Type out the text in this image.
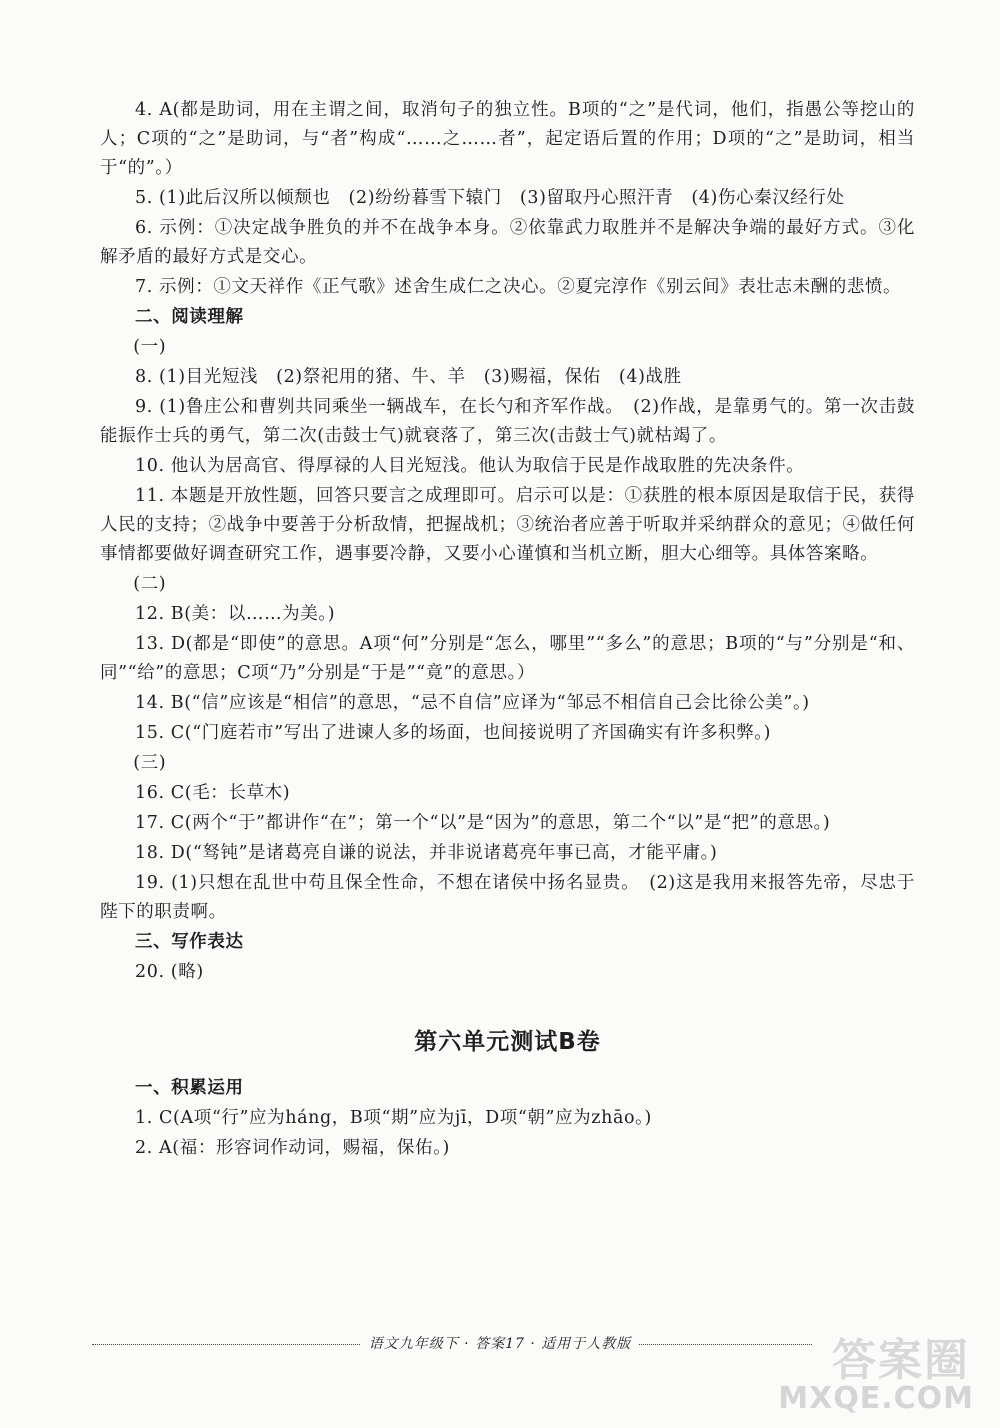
4. A(都是助词，用在主谓之间，取消句子的独立性。B项的“之”是代词，他们，指愚公等挖山的人；C项的“之”是助词，与“者”构成“……之……者”，起定语后置的作用；D项的“之”是助词，相当于“的”。）

5. (1)此后汉所以倾颓也　(2)纷纷暮雪下辕门　(3)留取丹心照汗青　(4)伤心秦汉经行处

6. 示例：①决定战争胜负的并不在战争本身。②依靠武力取胜并不是解决争端的最好方式。③化解矛盾的最好方式是交心。

7. 示例：①文天祥作《正气歌》述舍生成仁之决心。②夏完淳作《别云间》表壮志未酬的悲愤。

二、阅读理解

(一)

8. (1)目光短浅　(2)祭祀用的猪、牛、羊　(3)赐福，保佑　(4)战胜

9. (1)鲁庄公和曹刿共同乘坐一辆战车，在长勺和齐军作战。　(2)作战，是靠勇气的。第一次击鼓能振作士兵的勇气，第二次(击鼓士气)就衰落了，第三次(击鼓士气)就枯竭了。

10. 他认为居高官、得厚禄的人目光短浅。他认为取信于民是作战取胜的先决条件。

11. 本题是开放性题，回答只要言之成理即可。启示可以是：①获胜的根本原因是取信于民，获得人民的支持；②战争中要善于分析敌情，把握战机；③统治者应善于听取并采纳群众的意见；④做任何事情都要做好调查研究工作，遇事要冷静，又要小心谨慎和当机立断，胆大心细等。具体答案略。

(二)

12. B(美：以……为美。)

13. D(都是“即使”的意思。A项“何”分别是“怎么，哪里”“多么”的意思；B项的“与”分别是“和、同”“给”的意思；C项“乃”分别是“于是”“竟”的意思。）

14. B(“信”应该是“相信”的意思，“忌不自信”应译为“邹忌不相信自己会比徐公美”。)

15. C(“门庭若市”写出了进谏人多的场面，也间接说明了齐国确实有许多积弊。)

(三)

16. C(毛：长草木)

17. C(两个“于”都讲作“在”；第一个“以”是“因为”的意思，第二个“以”是“把”的意思。)

18. D(“驽钝”是诸葛亮自谦的说法，并非说诸葛亮年事已高，才能平庸。)

19. (1)只想在乱世中苟且保全性命，不想在诸侯中扬名显贵。　(2)这是我用来报答先帝，尽忠于陛下的职责啊。

三、写作表达

20. (略)

第六单元测试B卷

一、积累运用

1. C(A项“行”应为háng，B项“期”应为jī，D项“朝”应为zhāo。)

2. A(福：形容词作动词，赐福，保佑。)

语文九年级下 · 答案17 · 适用于人教版	答案圈
MXQE.COM
